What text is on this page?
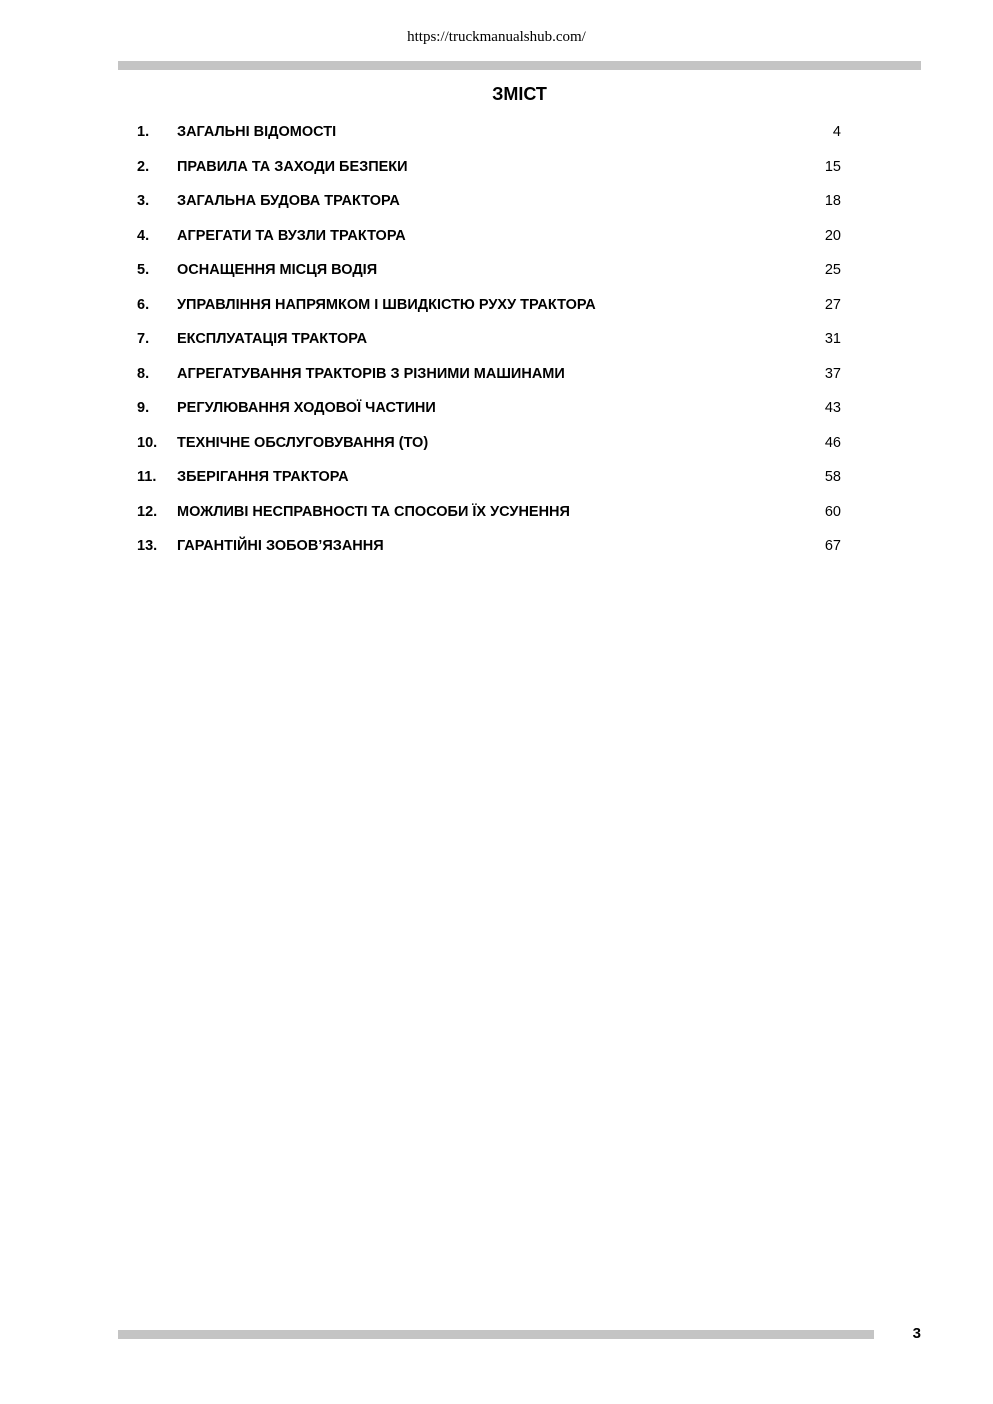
https://truckmanualshub.com/
ЗМІСТ
1. ЗАГАЛЬНІ ВІДОМОСТІ	4
2. ПРАВИЛА ТА ЗАХОДИ БЕЗПЕКИ	15
3. ЗАГАЛЬНА БУДОВА ТРАКТОРА	18
4. АГРЕГАТИ ТА ВУЗЛИ ТРАКТОРА	20
5. ОСНАЩЕННЯ МІСЦЯ ВОДІЯ	25
6. УПРАВЛІННЯ НАПРЯМКОМ І ШВИДКІСТЮ РУХУ ТРАКТОРА	27
7. ЕКСПЛУАТАЦІЯ ТРАКТОРА	31
8. АГРЕГАТУВАННЯ ТРАКТОРІВ З РІЗНИМИ МАШИНАМИ	37
9. РЕГУЛЮВАННЯ ХОДОВОЇ ЧАСТИНИ	43
10. ТЕХНІЧНЕ ОБСЛУГОВУВАННЯ (ТО)	46
11. ЗБЕРІГАННЯ ТРАКТОРА	58
12. МОЖЛИВІ НЕСПРАВНОСТІ ТА СПОСОБИ ЇХ УСУНЕННЯ	60
13. ГАРАНТІЙНІ ЗОБОВ’ЯЗАННЯ	67
3
